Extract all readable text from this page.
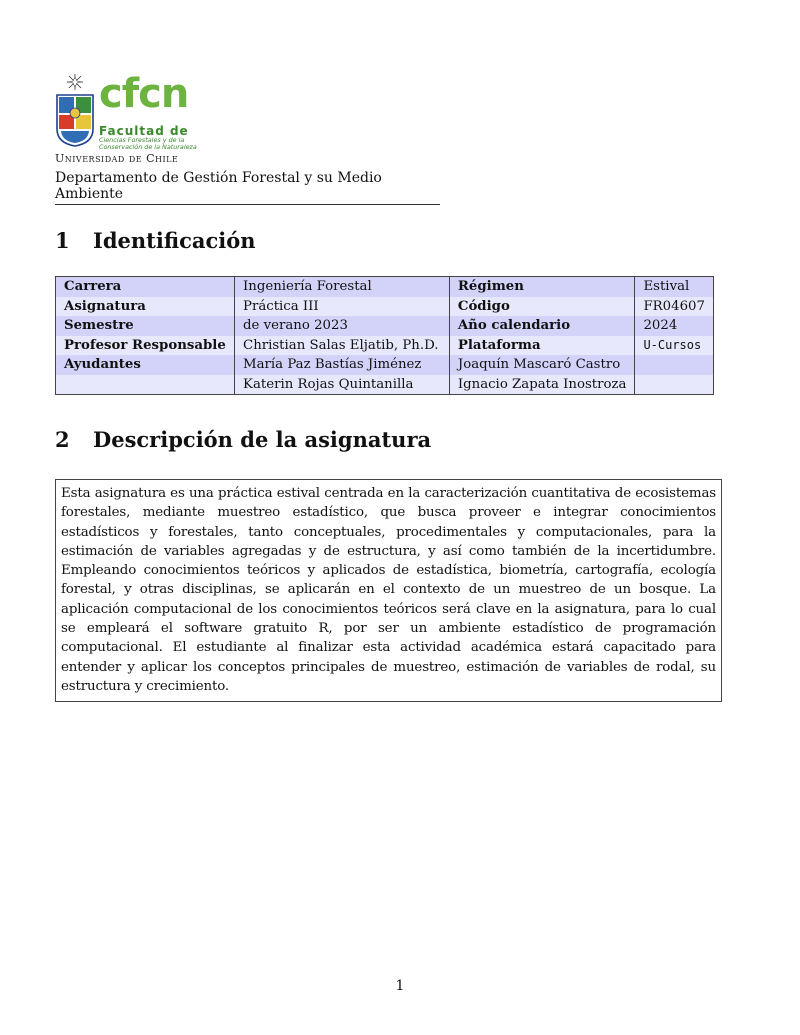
cfcn
Facultad de
Ciencias Forestales y de la
Conservación de la Naturaleza
Universidad de Chile
Departamento de Gestión Forestal y su Medio Ambiente
1 Identificación
Carrera	Ingeniería Forestal	Régimen	Estival
Asignatura	Práctica III	Código	FR04607
Semestre	de verano 2023	Año calendario	2024
Profesor Responsable	Christian Salas Eljatib, Ph.D.	Plataforma	U-Cursos
Ayudantes	María Paz Bastías Jiménez	Joaquín Mascaró Castro	
	Katerin Rojas Quintanilla	Ignacio Zapata Inostroza	
2 Descripción de la asignatura
Esta asignatura es una práctica estival centrada en la caracterización cuantitativa de ecosistemas forestales, mediante muestreo estadístico, que busca proveer e integrar conocimientos estadísticos y forestales, tanto conceptuales, procedimentales y computacionales, para la estimación de variables agregadas y de estructura, y así como también de la incertidumbre. Empleando conocimientos teóricos y aplicados de estadística, biometría, cartografía, ecología forestal, y otras disciplinas, se aplicarán en el contexto de un muestreo de un bosque. La aplicación computacional de los conocimientos teóricos será clave en la asignatura, para lo cual se empleará el software gratuito R, por ser un ambiente estadístico de programación computacional. El estudiante al finalizar esta actividad académica estará capacitado para entender y aplicar los conceptos principales de muestreo, estimación de variables de rodal, su estructura y crecimiento.
1
